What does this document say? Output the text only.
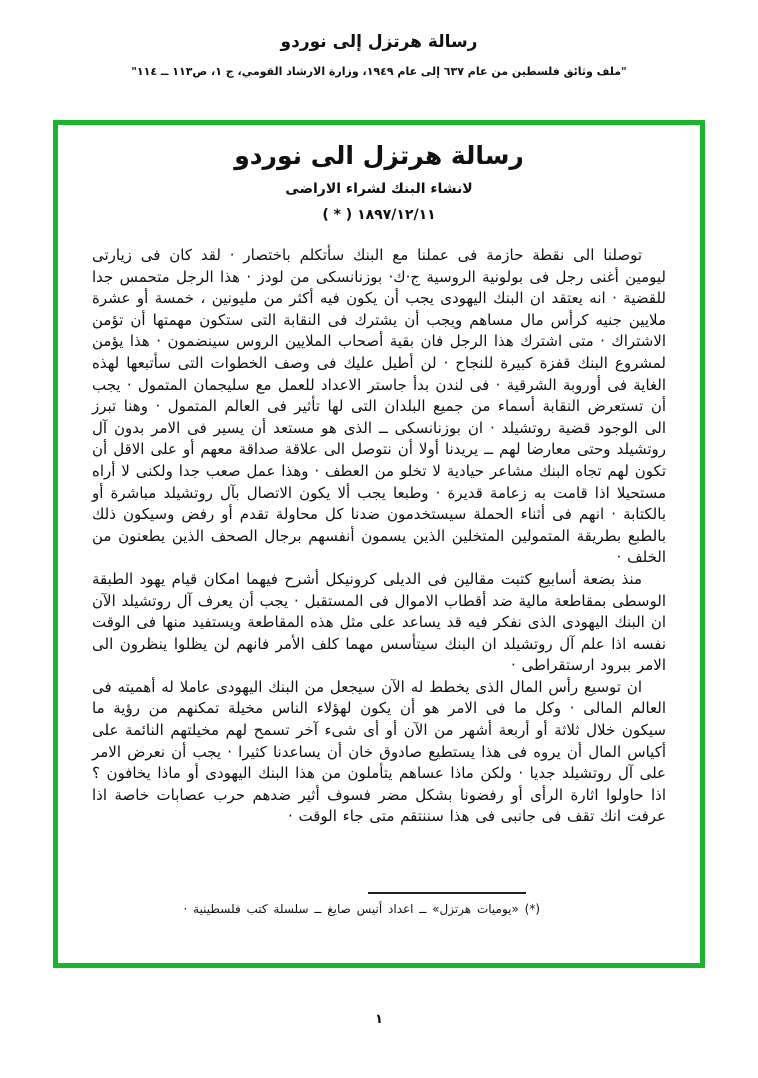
رسالة هرتزل إلى نوردو
"ملف وثائق فلسطين من عام ٦٣٧ إلى عام ١٩٤٩، وزارة الارشاد القومي، ج ١، ص١١٣ ــ ١١٤"
رسالة هرتزل الى نوردو
لانشاء البنك لشراء الاراضى
١٨٩٧/١٢/١١ ( * )

توصلنا الى نقطة حازمة فى عملنا مع البنك سأتكلم باختصار · لقد كان فى زيارتى ليومين أغنى رجل فى بولونية الروسية ج·ك· بوزنانسكى من لودز · هذا الرجل متحمس جدا للقضية · انه يعتقد ان البنك اليهودى يجب أن يكون فيه أكثر من مليونين ، خمسة أو عشرة ملايين جنيه كرأس مال مساهم ويجب أن يشترك فى النقابة التى ستكون مهمتها أن تؤمن الاشتراك · متى اشترك هذا الرجل فان بقية أصحاب الملايين الروس سينضمون · هذا يؤمن لمشروع البنك قفزة كبيرة للنجاح · لن أطيل عليك فى وصف الخطوات التى سأتبعها لهذه الغاية فى أوروبة الشرقية · فى لندن بدأ جاستر الاعداد للعمل مع سليجمان المتمول · يجب أن تستعرض النقابة أسماء من جميع البلدان التى لها تأثير فى العالم المتمول · وهنا تبرز الى الوجود قضية روتشيلد · ان بوزنانسكى ــ الذى هو مستعد أن يسير فى الامر بدون آل روتشيلد وحتى معارضا لهم ــ يريدنا أولا أن نتوصل الى علاقة صداقة معهم أو على الاقل أن تكون لهم تجاه البنك مشاعر حيادية لا تخلو من العطف · وهذا عمل صعب جدا ولكنى لا أراه مستحيلا اذا قامت به زعامة قديرة · وطبعا يجب ألا يكون الاتصال بآل روتشيلد مباشرة أو بالكتابة · انهم فى أثناء الحملة سيستخدمون ضدنا كل محاولة تقدم أو رفض وسيكون ذلك بالطبع بطريقة المتمولين المتخلين الذين يسمون أنفسهم برجال الصحف الذين يطعنون من الخلف ·

منذ بضعة أسابيع كتبت مقالين فى الديلى كرونيكل أشرح فيهما امكان قيام يهود الطبقة الوسطى بمقاطعة مالية ضد أقطاب الاموال فى المستقبل · يجب أن يعرف آل روتشيلد الآن ان البنك اليهودى الذى نفكر فيه قد يساعد على مثل هذه المقاطعة ويستفيد منها فى الوقت نفسه اذا علم آل روتشيلد ان البنك سيتأسس مهما كلف الأمر فانهم لن يظلوا ينظرون الى الامر ببرود ارستقراطى ·

ان توسيع رأس المال الذى يخطط له الآن سيجعل من البنك اليهودى عاملا له أهميته فى العالم المالى · وكل ما فى الامر هو أن يكون لهؤلاء الناس مخيلة تمكنهم من رؤية ما سيكون خلال ثلاثة أو أربعة أشهر من الآن أو أى شىء آخر تسمح لهم مخيلتهم النائمة على أكياس المال أن يروه فى هذا يستطيع صادوق خان أن يساعدنا كثيرا · يجب أن نعرض الامر على آل روتشيلد جديا · ولكن ماذا عساهم يتأملون من هذا البنك اليهودى أو ماذا يخافون ؟ اذا حاولوا اثارة الرأى أو رفضونا بشكل مضر فسوف أثير ضدهم حرب عصابات خاصة اذا عرفت انك تقف فى جانبى فى هذا سننتقم متى جاء الوقت ·

(*) «يوميات هرتزل» ــ اعداد أنيس صايغ ــ سلسلة كتب فلسطينية ·
١
